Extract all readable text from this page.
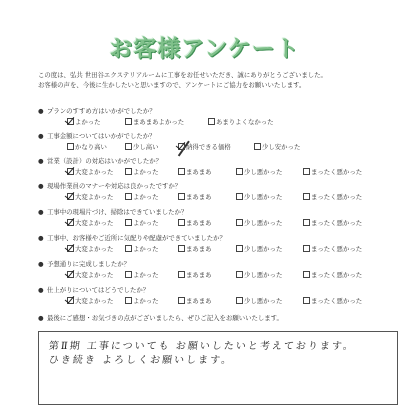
お客様アンケート
この度は、弘共 世田谷エクステリアルームに工事をお任せいただき、誠にありがとうございました。
お客様の声を、今後に生かしたいと思いますので、アンケートにご協力をお願いいたします。
● プランのすすめ方はいかがでしたか？
よかった	まあまあよかった	あまりよくなかった
● 工事金額についてはいかがでしたか？
かなり高い	少し高い	納得できる価格	少し安かった
● 営業（設計）の対応はいかがでしたか？
大変よかった	よかった	まあまあ	少し悪かった	まったく悪かった
● 現場作業員のマナーや対応は良かったですか？
大変よかった	よかった	まあまあ	少し悪かった	まったく悪かった
● 工事中の現場片づけ、掃除はできていましたか？
大変よかった	よかった	まあまあ	少し悪かった	まったく悪かった
● 工事中、お客様やご近所に気配りや配慮ができていましたか？
大変よかった	よかった	まあまあ	少し悪かった	まったく悪かった
● 予想通りに完成しましたか？
大変よかった	よかった	まあまあ	少し悪かった	まったく悪かった
● 仕上がりについてはどうでしたか？
大変よかった	よかった	まあまあ	少し悪かった	まったく悪かった
● 最後にご感想・お気づきの点がございましたら、ぜひご記入をお願いいたします。
第Ⅱ期 工事についても お願いしたいと考えております。
ひき続き よろしくお願いします。
